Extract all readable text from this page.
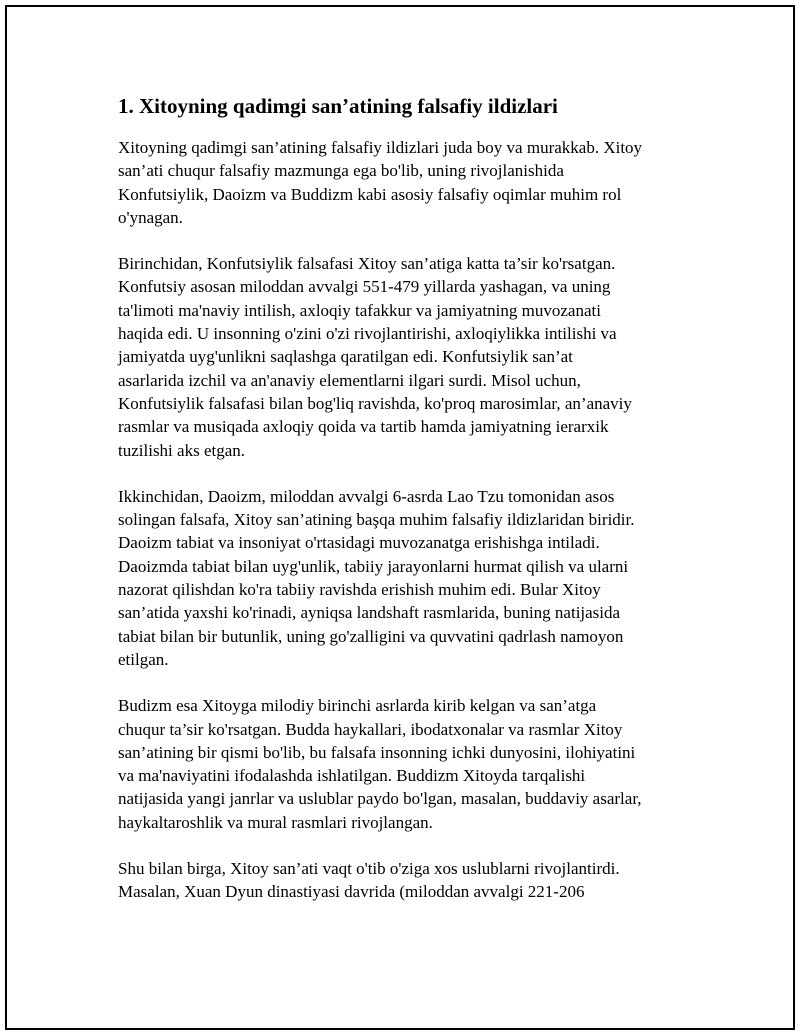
1. Xitoyning qadimgi san’atining falsafiy ildizlari

Xitoyning qadimgi san’atining falsafiy ildizlari juda boy va murakkab. Xitoy
san’ati chuqur falsafiy mazmunga ega bo'lib, uning rivojlanishida
Konfutsiylik, Daoizm va Buddizm kabi asosiy falsafiy oqimlar muhim rol
o'ynagan.

Birinchidan, Konfutsiylik falsafasi Xitoy san’atiga katta ta’sir ko'rsatgan.
Konfutsiy asosan miloddan avvalgi 551-479 yillarda yashagan, va uning
ta'limoti ma'naviy intilish, axloqiy tafakkur va jamiyatning muvozanati
haqida edi. U insonning o'zini o'zi rivojlantirishi, axloqiylikka intilishi va
jamiyatda uyg'unlikni saqlashga qaratilgan edi. Konfutsiylik san’at
asarlarida izchil va an'anaviy elementlarni ilgari surdi. Misol uchun,
Konfutsiylik falsafasi bilan bog'liq ravishda, ko'proq marosimlar, an’anaviy
rasmlar va musiqada axloqiy qoida va tartib hamda jamiyatning ierarxik
tuzilishi aks etgan.

Ikkinchidan, Daoizm, miloddan avvalgi 6-asrda Lao Tzu tomonidan asos
solingan falsafa, Xitoy san’atining başqa muhim falsafiy ildizlaridan biridir.
Daoizm tabiat va insoniyat o'rtasidagi muvozanatga erishishga intiladi.
Daoizmda tabiat bilan uyg'unlik, tabiiy jarayonlarni hurmat qilish va ularni
nazorat qilishdan ko'ra tabiiy ravishda erishish muhim edi. Bular Xitoy
san’atida yaxshi ko'rinadi, ayniqsa landshaft rasmlarida, buning natijasida
tabiat bilan bir butunlik, uning go'zalligini va quvvatini qadrlash namoyon
etilgan.

Budizm esa Xitoyga milodiy birinchi asrlarda kirib kelgan va san’atga
chuqur ta’sir ko'rsatgan. Budda haykallari, ibodatxonalar va rasmlar Xitoy
san’atining bir qismi bo'lib, bu falsafa insonning ichki dunyosini, ilohiyatini
va ma'naviyatini ifodalashda ishlatilgan. Buddizm Xitoyda tarqalishi
natijasida yangi janrlar va uslublar paydo bo'lgan, masalan, buddaviy asarlar,
haykaltaroshlik va mural rasmlari rivojlangan.

Shu bilan birga, Xitoy san’ati vaqt o'tib o'ziga xos uslublarni rivojlantirdi.
Masalan, Xuan Dyun dinastiyasi davrida (miloddan avvalgi 221-206
